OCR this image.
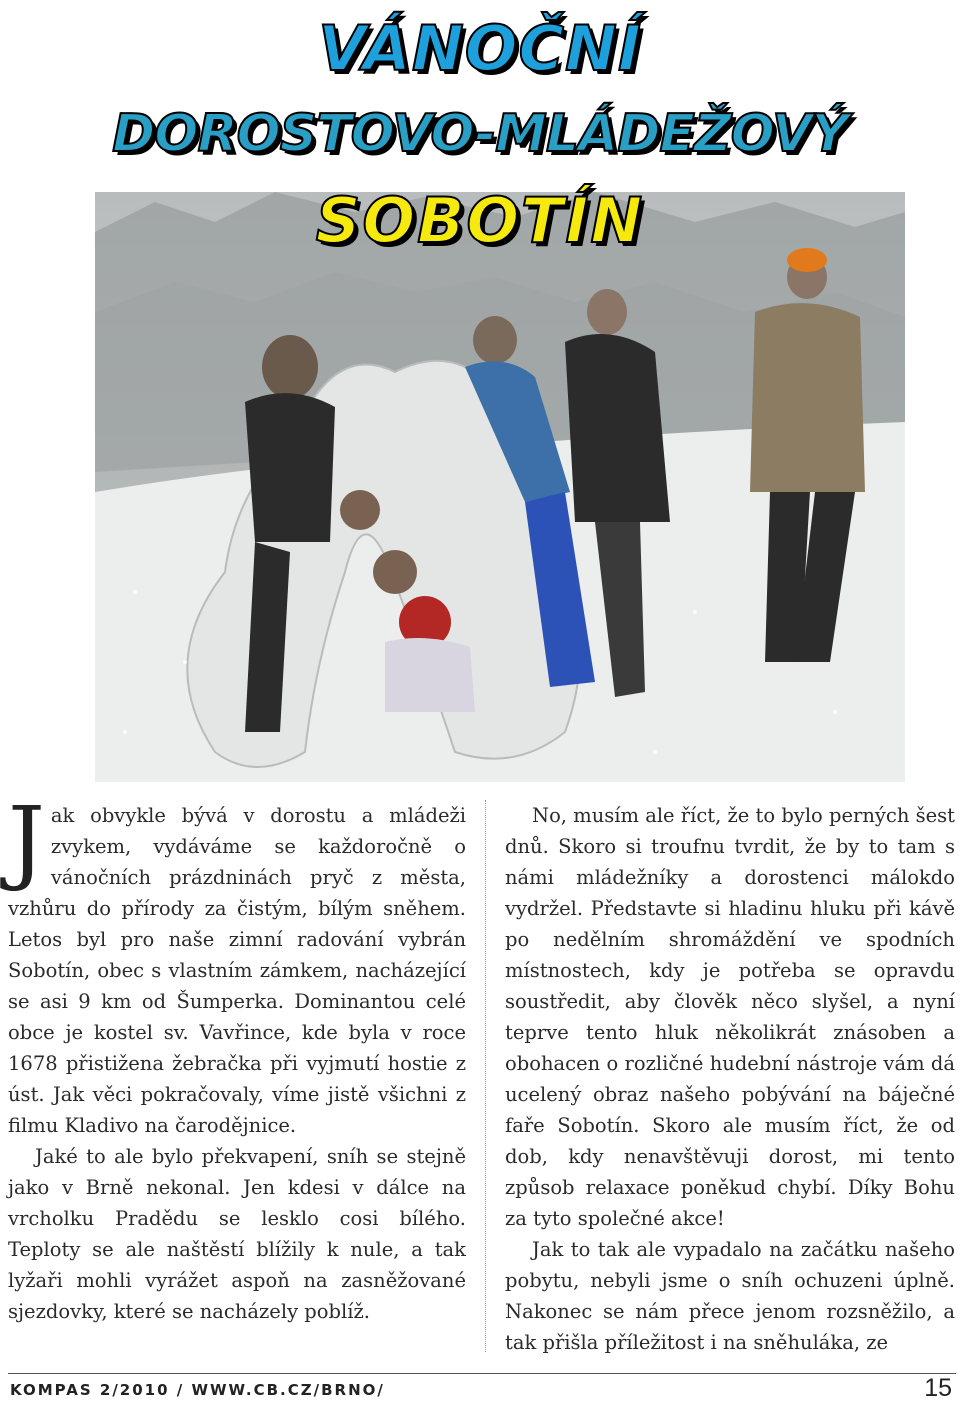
VÁNOČNÍ
DOROSTOVO-MLÁDEŽOVÝ
SOBOTÍN

Jak obvykle bývá v dorostu a mládeži zvykem, vydáváme se každoročně o vánočních prázdninách pryč z města, vzhůru do přírody za čistým, bílým sněhem. Letos byl pro naše zimní radování vybrán Sobotín, obec s vlastním zámkem, nacházející se asi 9 km od Šumperka. Dominantou celé obce je kostel sv. Vavřince, kde byla v roce 1678 přistižena žebračka při vyjmutí hostie z úst. Jak věci pokračovaly, víme jistě všichni z filmu Kladivo na čarodějnice.

Jaké to ale bylo překvapení, sníh se stejně jako v Brně nekonal. Jen kdesi v dálce na vrcholku Pradědu se lesklo cosi bílého. Teploty se ale naštěstí blížily k nule, a tak lyžaři mohli vyrážet aspoň na zasněžované sjezdovky, které se nacházely poblíž.

No, musím ale říct, že to bylo perných šest dnů. Skoro si troufnu tvrdit, že by to tam s námi mládežníky a dorostenci málokdo vydržel. Představte si hladinu hluku při kávě po nedělním shromáždění ve spodních místnostech, kdy je potřeba se opravdu soustředit, aby člověk něco slyšel, a nyní teprve tento hluk několikrát znásoben a obohacen o rozličné hudební nástroje vám dá ucelený obraz našeho pobývání na báječné faře Sobotín. Skoro ale musím říct, že od dob, kdy nenavštěvuji dorost, mi tento způsob relaxace poněkud chybí. Díky Bohu za tyto společné akce!

Jak to tak ale vypadalo na začátku našeho pobytu, nebyli jsme o sníh ochuzeni úplně. Nakonec se nám přece jenom rozsněžilo, a tak přišla příležitost i na sněhuláka, ze

KOMPAS 2/2010 / WWW.CB.CZ/BRNO/	15
